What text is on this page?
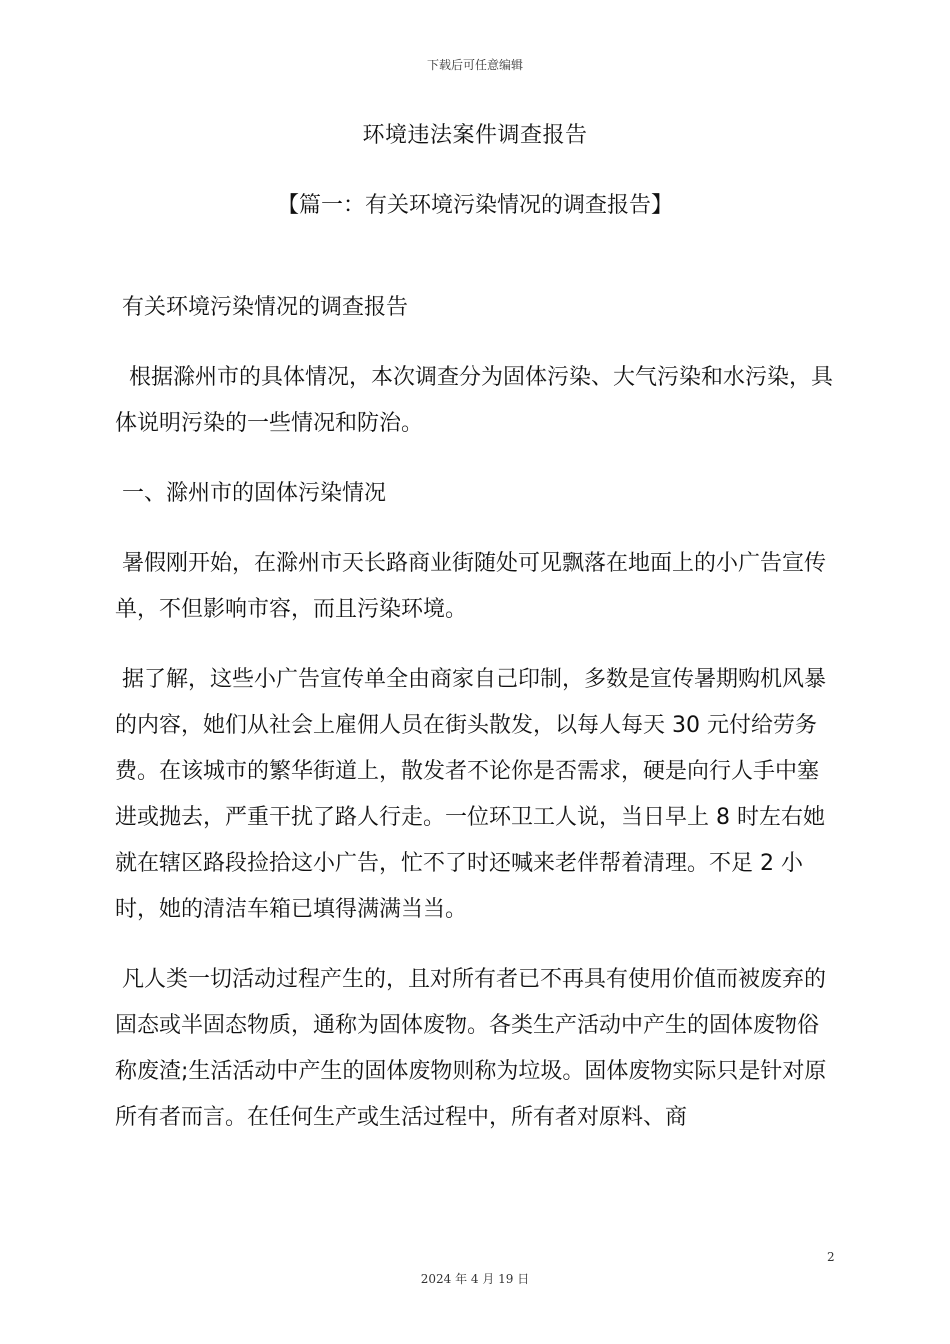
下载后可任意编辑
环境违法案件调查报告
【篇一：有关环境污染情况的调查报告】

有关环境污染情况的调查报告

根据滁州市的具体情况，本次调查分为固体污染、大气污染和水污染，具体说明污染的一些情况和防治。

一、滁州市的固体污染情况

暑假刚开始，在滁州市天长路商业街随处可见飘落在地面上的小广告宣传单，不但影响市容，而且污染环境。

据了解，这些小广告宣传单全由商家自己印制，多数是宣传暑期购机风暴的内容，她们从社会上雇佣人员在街头散发，以每人每天 30 元付给劳务费。在该城市的繁华街道上，散发者不论你是否需求，硬是向行人手中塞进或抛去，严重干扰了路人行走。一位环卫工人说，当日早上 8 时左右她就在辖区路段捡拾这小广告，忙不了时还喊来老伴帮着清理。不足 2 小时，她的清洁车箱已填得满满当当。

凡人类一切活动过程产生的，且对所有者已不再具有使用价值而被废弃的固态或半固态物质，通称为固体废物。各类生产活动中产生的固体废物俗称废渣;生活活动中产生的固体废物则称为垃圾。固体废物实际只是针对原所有者而言。在任何生产或生活过程中，所有者对原料、商

2
2024 年 4 月 19 日
